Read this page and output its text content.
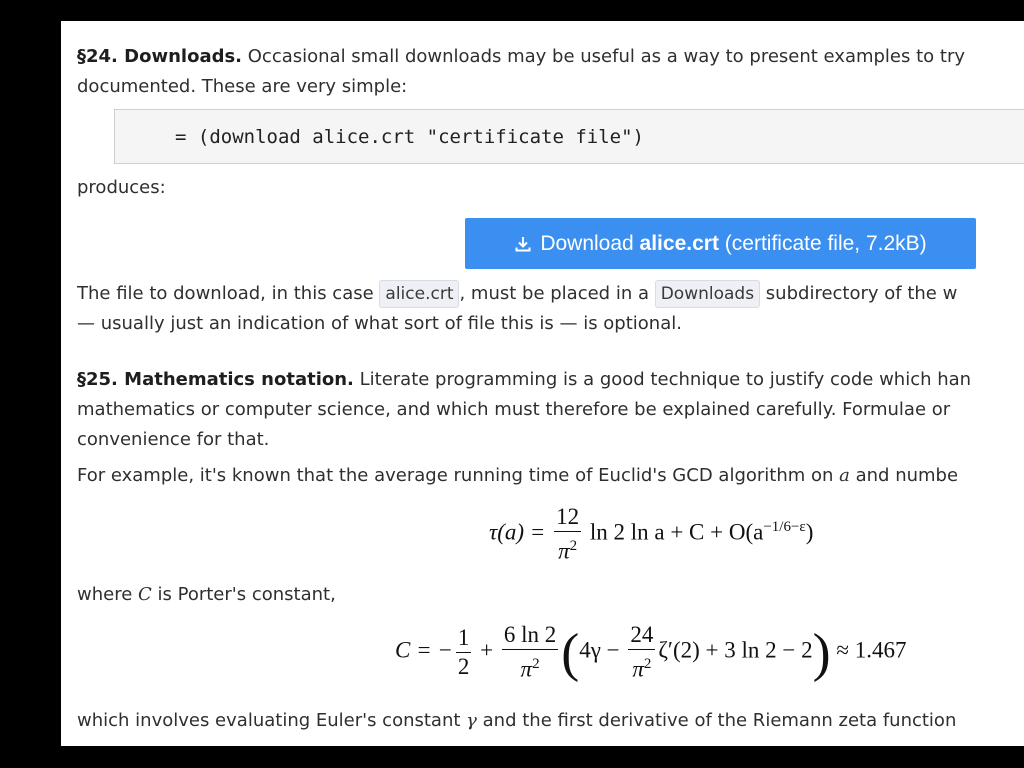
§24. Downloads. Occasional small downloads may be useful as a way to present examples to try
documented. These are very simple:
= (download alice.crt "certificate file")
produces:
Download alice.crt (certificate file, 7.2kB)
The file to download, in this case alice.crt , must be placed in a Downloads subdirectory of the w
— usually just an indication of what sort of file this is — is optional.
§25. Mathematics notation. Literate programming is a good technique to justify code which han
mathematics or computer science, and which must therefore be explained carefully. Formulae or
convenience for that.
For example, it's known that the average running time of Euclid's GCD algorithm on a and numbe
$\tau(a) = \frac{12}{\pi^2}$ ln 2 $\ln a + C + O(a^{-1/6-\varepsilon})$
where C is Porter's constant,
C = − $\frac{1}{2} + \frac{6 \ln 2}{\pi^2} (4\gamma - \frac{24}{\pi^2} \zeta'(2) + 3$ ln 2 − 2) ≈ 1.467
which involves evaluating Euler's constant γ and the first derivative of the Riemann zeta function
